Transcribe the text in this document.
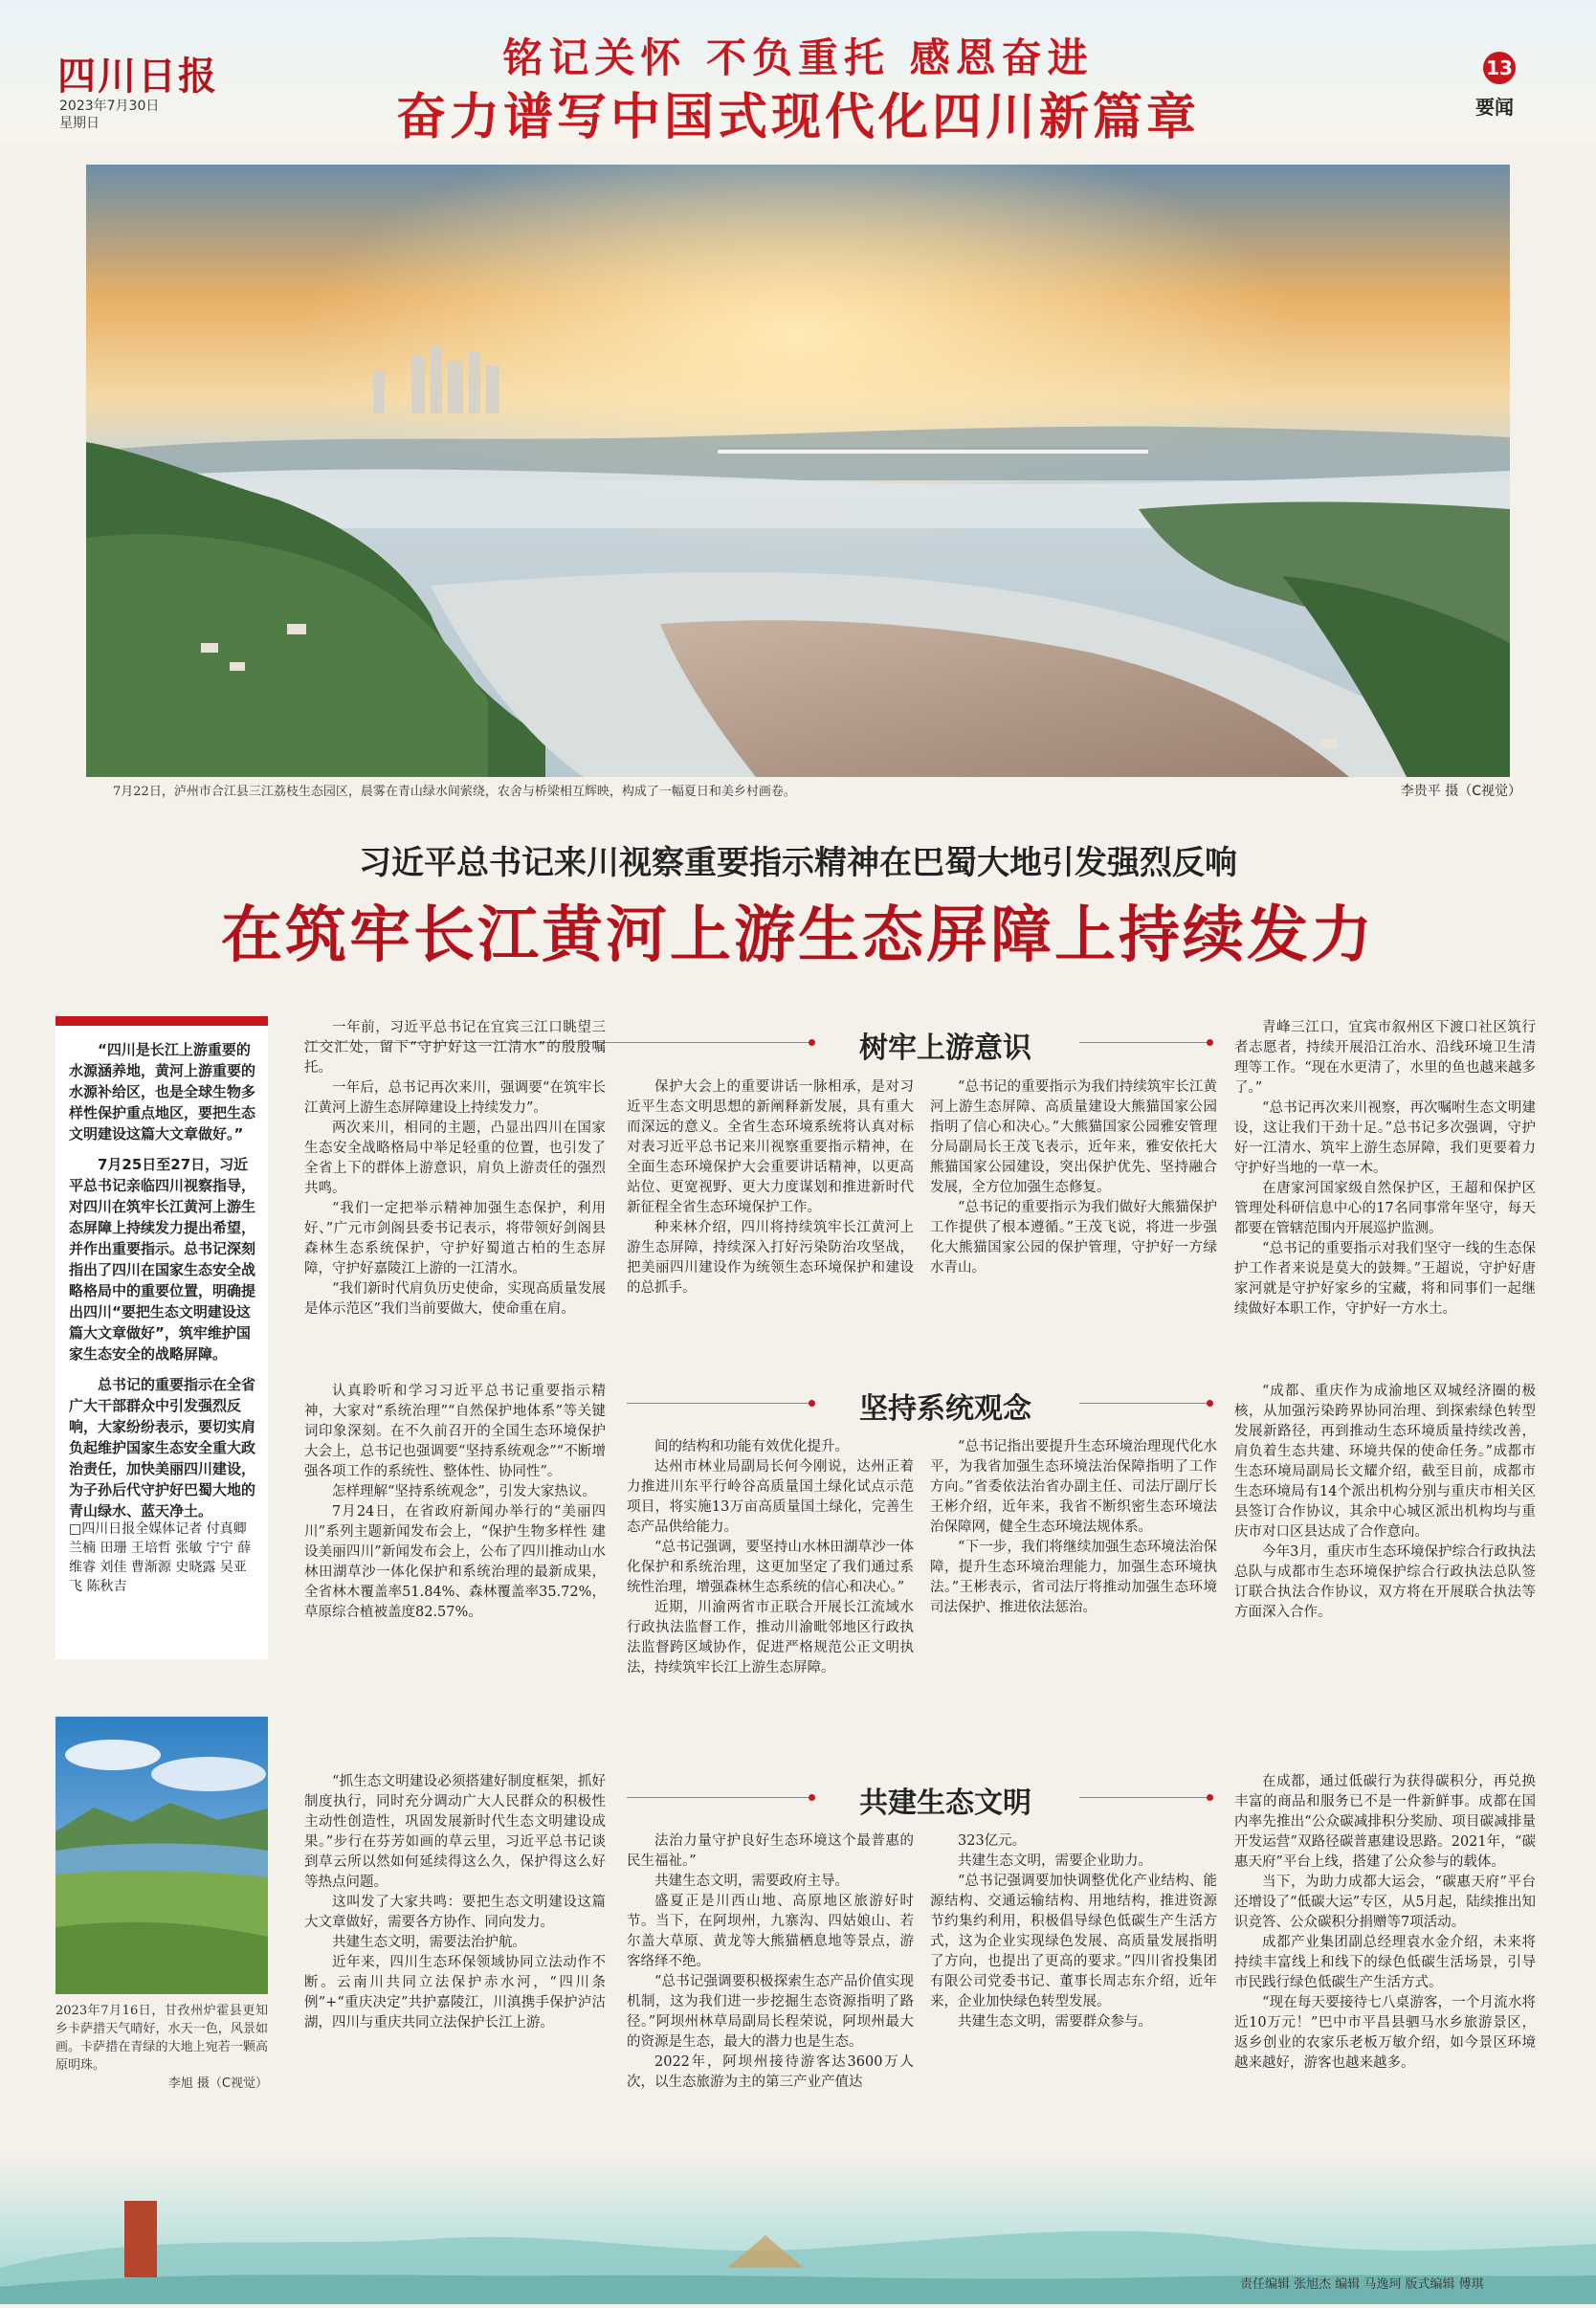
四川日报
2023年7月30日
星期日
铭记关怀 不负重托 感恩奋进
奋力谱写中国式现代化四川新篇章
13
要闻
7月22日，泸州市合江县三江荔枝生态园区，晨雾在青山绿水间萦绕，农舍与桥梁相互辉映，构成了一幅夏日和美乡村画卷。	李贵平 摄（C视觉）
习近平总书记来川视察重要指示精神在巴蜀大地引发强烈反响
在筑牢长江黄河上游生态屏障上持续发力

“四川是长江上游重要的水源涵养地，黄河上游重要的水源补给区，也是全球生物多样性保护重点地区，要把生态文明建设这篇大文章做好。”

7月25日至27日，习近平总书记亲临四川视察指导，对四川在筑牢长江黄河上游生态屏障上持续发力提出希望，并作出重要指示。总书记深刻指出了四川在国家生态安全战略格局中的重要位置，明确提出四川“要把生态文明建设这篇大文章做好”，筑牢维护国家生态安全的战略屏障。

总书记的重要指示在全省广大干部群众中引发强烈反响，大家纷纷表示，要切实肩负起维护国家生态安全重大政治责任，加快美丽四川建设，为子孙后代守护好巴蜀大地的青山绿水、蓝天净土。

□四川日报全媒体记者 付真卿 兰楠 田珊 王培哲 张敏 宁宁 薛维睿 刘佳 曹渐源 史晓露 吴亚飞 陈秋吉
2023年7月16日，甘孜州炉霍县更知乡卡萨措天气晴好，水天一色，风景如画。卡萨措在青绿的大地上宛若一颗高原明珠。
李旭 摄（C视觉）
树牢上游意识

一年前，习近平总书记在宜宾三江口眺望三江交汇处，留下“守护好这一江清水”的殷殷嘱托。

一年后，总书记再次来川，强调要“在筑牢长江黄河上游生态屏障建设上持续发力”。

两次来川，相同的主题，凸显出四川在国家生态安全战略格局中举足轻重的位置，也引发了全省上下的群体上游意识，肩负上游责任的强烈共鸣。

“我们一定把举示精神加强生态保护，利用好、”广元市剑阁县委书记表示，将带领好剑阁县森林生态系统保护，守护好蜀道古柏的生态屏障，守护好嘉陵江上游的一江清水。

“我们新时代肩负历史使命，实现高质量发展是体示范区”我们当前要做大，使命重在肩。

保护大会上的重要讲话一脉相承，是对习近平生态文明思想的新阐释新发展，具有重大而深远的意义。全省生态环境系统将认真对标对表习近平总书记来川视察重要指示精神，在全面生态环境保护大会重要讲话精神，以更高站位、更宽视野、更大力度谋划和推进新时代新征程全省生态环境保护工作。

种来林介绍，四川将持续筑牢长江黄河上游生态屏障，持续深入打好污染防治攻坚战，把美丽四川建设作为统领生态环境保护和建设的总抓手。

“总书记的重要指示为我们持续筑牢长江黄河上游生态屏障、高质量建设大熊猫国家公园指明了信心和决心。”大熊猫国家公园雅安管理分局副局长王茂飞表示，近年来，雅安依托大熊猫国家公园建设，突出保护优先、坚持融合发展，全方位加强生态修复。

“总书记的重要指示为我们做好大熊猫保护工作提供了根本遵循。”王茂飞说，将进一步强化大熊猫国家公园的保护管理，守护好一方绿水青山。

青峰三江口，宜宾市叙州区下渡口社区筑行者志愿者，持续开展沿江治水、沿线环境卫生清理等工作。“现在水更清了，水里的鱼也越来越多了。”

“总书记再次来川视察，再次嘱咐生态文明建设，这让我们干劲十足。”总书记多次强调，守护好一江清水、筑牢上游生态屏障，我们更要着力守护好当地的一草一木。

在唐家河国家级自然保护区，王超和保护区管理处科研信息中心的17名同事常年坚守，每天都要在管辖范围内开展巡护监测。

“总书记的重要指示对我们坚守一线的生态保护工作者来说是莫大的鼓舞。”王超说，守护好唐家河就是守护好家乡的宝藏，将和同事们一起继续做好本职工作，守护好一方水土。

坚持系统观念

认真聆听和学习习近平总书记重要指示精神，大家对“系统治理”“自然保护地体系”等关键词印象深刻。在不久前召开的全国生态环境保护大会上，总书记也强调要“坚持系统观念”“不断增强各项工作的系统性、整体性、协同性”。

怎样理解“坚持系统观念”，引发大家热议。

7月24日，在省政府新闻办举行的“美丽四川”系列主题新闻发布会上，“保护生物多样性 建设美丽四川”新闻发布会上，公布了四川推动山水林田湖草沙一体化保护和系统治理的最新成果，全省林木覆盖率51.84%、森林覆盖率35.72%，草原综合植被盖度82.57%。

间的结构和功能有效优化提升。

达州市林业局副局长何今刚说，达州正着力推进川东平行岭谷高质量国土绿化试点示范项目，将实施13万亩高质量国土绿化，完善生态产品供给能力。

“总书记强调，要坚持山水林田湖草沙一体化保护和系统治理，这更加坚定了我们通过系统性治理，增强森林生态系统的信心和决心。”

近期，川渝两省市正联合开展长江流域水行政执法监督工作，推动川渝毗邻地区行政执法监督跨区域协作，促进严格规范公正文明执法，持续筑牢长江上游生态屏障。

“总书记指出要提升生态环境治理现代化水平，为我省加强生态环境法治保障指明了工作方向。”省委依法治省办副主任、司法厅副厅长王彬介绍，近年来，我省不断织密生态环境法治保障网，健全生态环境法规体系。

“下一步，我们将继续加强生态环境法治保障，提升生态环境治理能力，加强生态环境执法。”王彬表示，省司法厅将推动加强生态环境司法保护、推进依法惩治。

“成都、重庆作为成渝地区双城经济圈的极核，从加强污染跨界协同治理、到探索绿色转型发展新路径，再到推动生态环境质量持续改善，肩负着生态共建、环境共保的使命任务。”成都市生态环境局副局长文耀介绍，截至目前，成都市生态环境局有14个派出机构分别与重庆市相关区县签订合作协议，其余中心城区派出机构均与重庆市对口区县达成了合作意向。

今年3月，重庆市生态环境保护综合行政执法总队与成都市生态环境保护综合行政执法总队签订联合执法合作协议，双方将在开展联合执法等方面深入合作。

共建生态文明

“抓生态文明建设必须搭建好制度框架，抓好制度执行，同时充分调动广大人民群众的积极性主动性创造性，巩固发展新时代生态文明建设成果。”步行在芬芳如画的草云里，习近平总书记谈到草云所以然如何延续得这么久，保护得这么好等热点问题。

这叫发了大家共鸣：要把生态文明建设这篇大文章做好，需要各方协作、同向发力。

共建生态文明，需要法治护航。

近年来，四川生态环保领域协同立法动作不断。云南川共同立法保护赤水河，“四川条例”+“重庆决定”共护嘉陵江，川滇携手保护泸沽湖，四川与重庆共同立法保护长江上游。

法治力量守护良好生态环境这个最普惠的民生福祉。”

共建生态文明，需要政府主导。

盛夏正是川西山地、高原地区旅游好时节。当下，在阿坝州，九寨沟、四姑娘山、若尔盖大草原、黄龙等大熊猫栖息地等景点，游客络绎不绝。

“总书记强调要积极探索生态产品价值实现机制，这为我们进一步挖掘生态资源指明了路径。”阿坝州林草局副局长程荣说，阿坝州最大的资源是生态，最大的潜力也是生态。

2022年，阿坝州接待游客达3600万人次，以生态旅游为主的第三产业产值达

323亿元。

共建生态文明，需要企业助力。

“总书记强调要加快调整优化产业结构、能源结构、交通运输结构、用地结构，推进资源节约集约利用，积极倡导绿色低碳生产生活方式，这为企业实现绿色发展、高质量发展指明了方向，也提出了更高的要求。”四川省投集团有限公司党委书记、董事长周志东介绍，近年来，企业加快绿色转型发展。

共建生态文明，需要群众参与。

在成都，通过低碳行为获得碳积分，再兑换丰富的商品和服务已不是一件新鲜事。成都在国内率先推出“公众碳减排积分奖励、项目碳减排量开发运营”双路径碳普惠建设思路。2021年，“碳惠天府”平台上线，搭建了公众参与的载体。

当下，为助力成都大运会，“碳惠天府”平台还增设了“低碳大运”专区，从5月起，陆续推出知识竞答、公众碳积分捐赠等7项活动。

成都产业集团副总经理袁水金介绍，未来将持续丰富线上和线下的绿色低碳生活场景，引导市民践行绿色低碳生产生活方式。

“现在每天要接待七八桌游客，一个月流水将近10万元！”巴中市平昌县驷马水乡旅游景区，返乡创业的农家乐老板万敏介绍，如今景区环境越来越好，游客也越来越多。

责任编辑 张旭杰 编辑 马逸珂 版式编辑 傅琪
